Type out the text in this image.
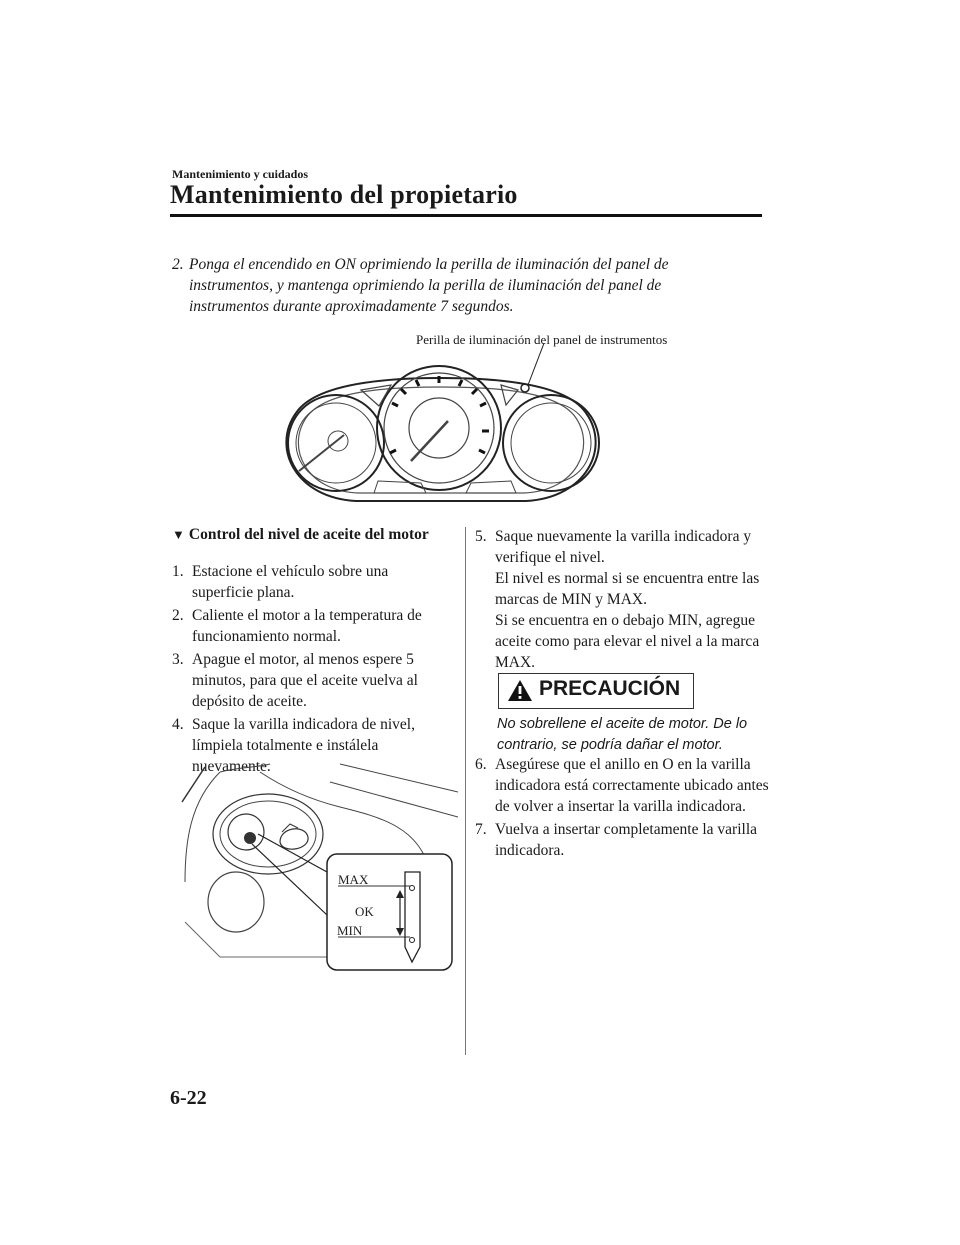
Mantenimiento y cuidados
Mantenimiento del propietario
2. Ponga el encendido en ON oprimiendo la perilla de iluminación del panel de instrumentos, y mantenga oprimiendo la perilla de iluminación del panel de instrumentos durante aproximadamente 7 segundos.
Perilla de iluminación del panel de instrumentos
▼ Control del nivel de aceite del motor
1. Estacione el vehículo sobre una superficie plana.
2. Caliente el motor a la temperatura de funcionamiento normal.
3. Apague el motor, al menos espere 5 minutos, para que el aceite vuelva al depósito de aceite.
4. Saque la varilla indicadora de nivel, límpiela totalmente e instálela nuevamente.
MAX
OK
MIN
5. Saque nuevamente la varilla indicadora y verifique el nivel.
El nivel es normal si se encuentra entre las marcas de MIN y MAX.
Si se encuentra en o debajo MIN, agregue aceite como para elevar el nivel a la marca MAX.
PRECAUCIÓN
No sobrellene el aceite de motor. De lo contrario, se podría dañar el motor.
6. Asegúrese que el anillo en O en la varilla indicadora está correctamente ubicado antes de volver a insertar la varilla indicadora.
7. Vuelva a insertar completamente la varilla indicadora.
6-22
